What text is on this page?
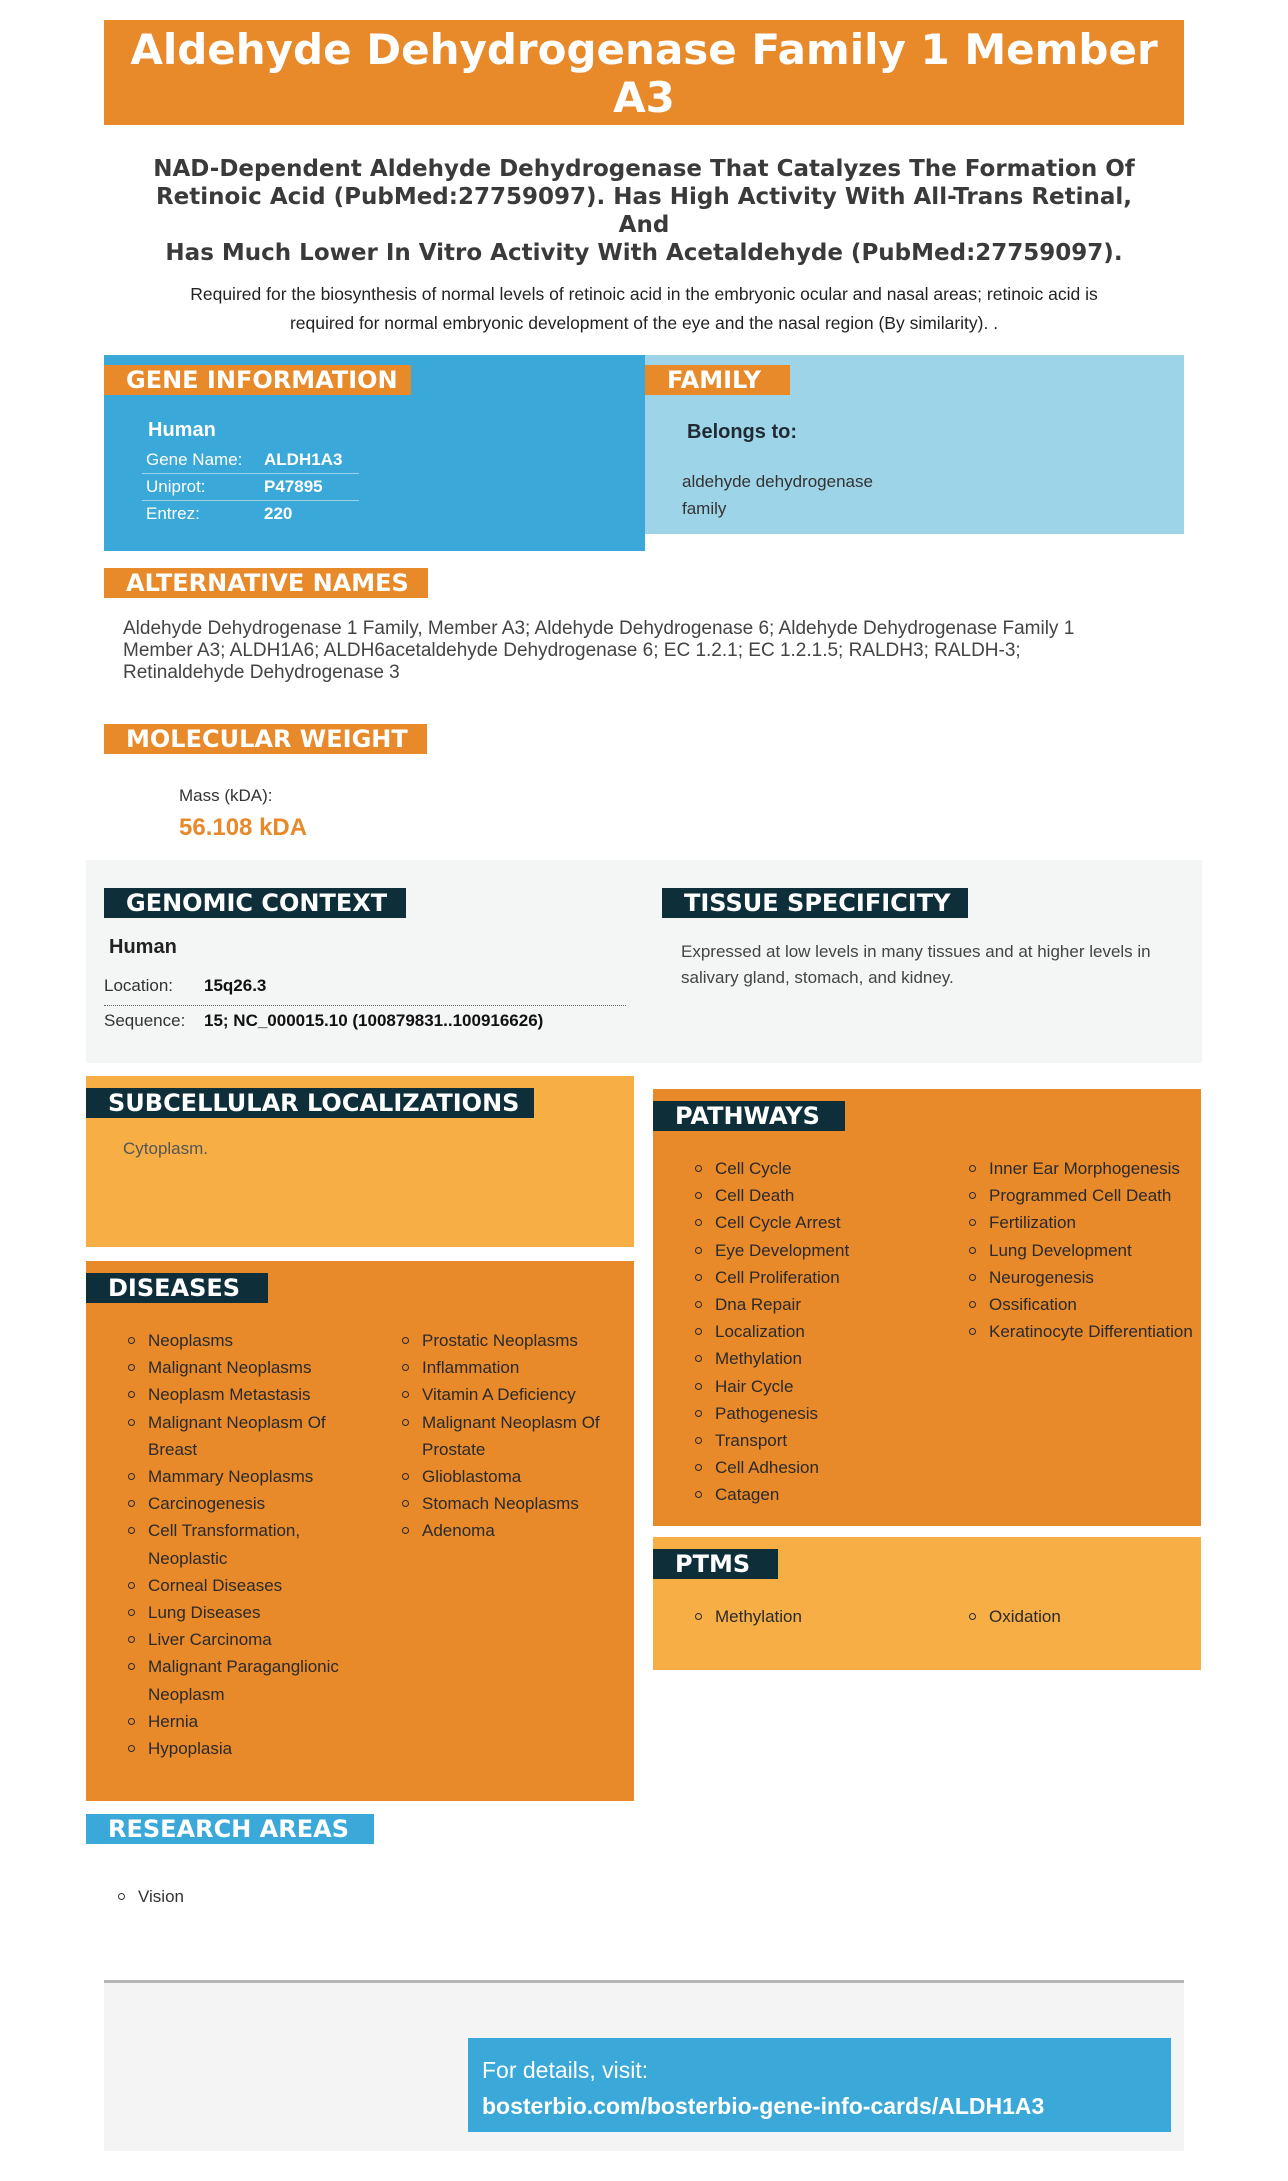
Aldehyde Dehydrogenase Family 1 Member A3
(ALDH1A3)
NAD-Dependent Aldehyde Dehydrogenase That Catalyzes The Formation Of
Retinoic Acid (PubMed:27759097). Has High Activity With All-Trans Retinal, And
Has Much Lower In Vitro Activity With Acetaldehyde (PubMed:27759097).
Required for the biosynthesis of normal levels of retinoic acid in the embryonic ocular and nasal areas; retinoic acid is
required for normal embryonic development of the eye and the nasal region (By similarity). .
GENE INFORMATION
Human
Gene Name: ALDH1A3
Uniprot:	P47895
Entrez:	220
FAMILY
Belongs to:
aldehyde dehydrogenase
family
ALTERNATIVE NAMES
Aldehyde Dehydrogenase 1 Family, Member A3; Aldehyde Dehydrogenase 6; Aldehyde Dehydrogenase Family 1
Member A3; ALDH1A6; ALDH6acetaldehyde Dehydrogenase 6; EC 1.2.1; EC 1.2.1.5; RALDH3; RALDH-3;
Retinaldehyde Dehydrogenase 3
MOLECULAR WEIGHT
Mass (kDA):
56.108 kDA
GENOMIC CONTEXT
Human
Location: 15q26.3
Sequence: 15; NC_000015.10 (100879831..100916626)
TISSUE SPECIFICITY
Expressed at low levels in many tissues and at higher levels in
salivary gland, stomach, and kidney.
SUBCELLULAR LOCALIZATIONS
Cytoplasm.
PATHWAYS
Cell Cycle
Cell Death
Cell Cycle Arrest
Eye Development
Cell Proliferation
Dna Repair
Localization
Methylation
Hair Cycle
Pathogenesis
Transport
Cell Adhesion
Catagen
Inner Ear Morphogenesis
Programmed Cell Death
Fertilization
Lung Development
Neurogenesis
Ossification
Keratinocyte Differentiation
DISEASES
Neoplasms
Malignant Neoplasms
Neoplasm Metastasis
Malignant Neoplasm Of Breast
Mammary Neoplasms
Carcinogenesis
Cell Transformation, Neoplastic
Corneal Diseases
Lung Diseases
Liver Carcinoma
Malignant Paraganglionic Neoplasm
Hernia
Hypoplasia
Prostatic Neoplasms
Inflammation
Vitamin A Deficiency
Malignant Neoplasm Of Prostate
Glioblastoma
Stomach Neoplasms
Adenoma
PTMS
Methylation	Oxidation
RESEARCH AREAS
Vision
For details, visit:
bosterbio.com/bosterbio-gene-info-cards/ALDH1A3
